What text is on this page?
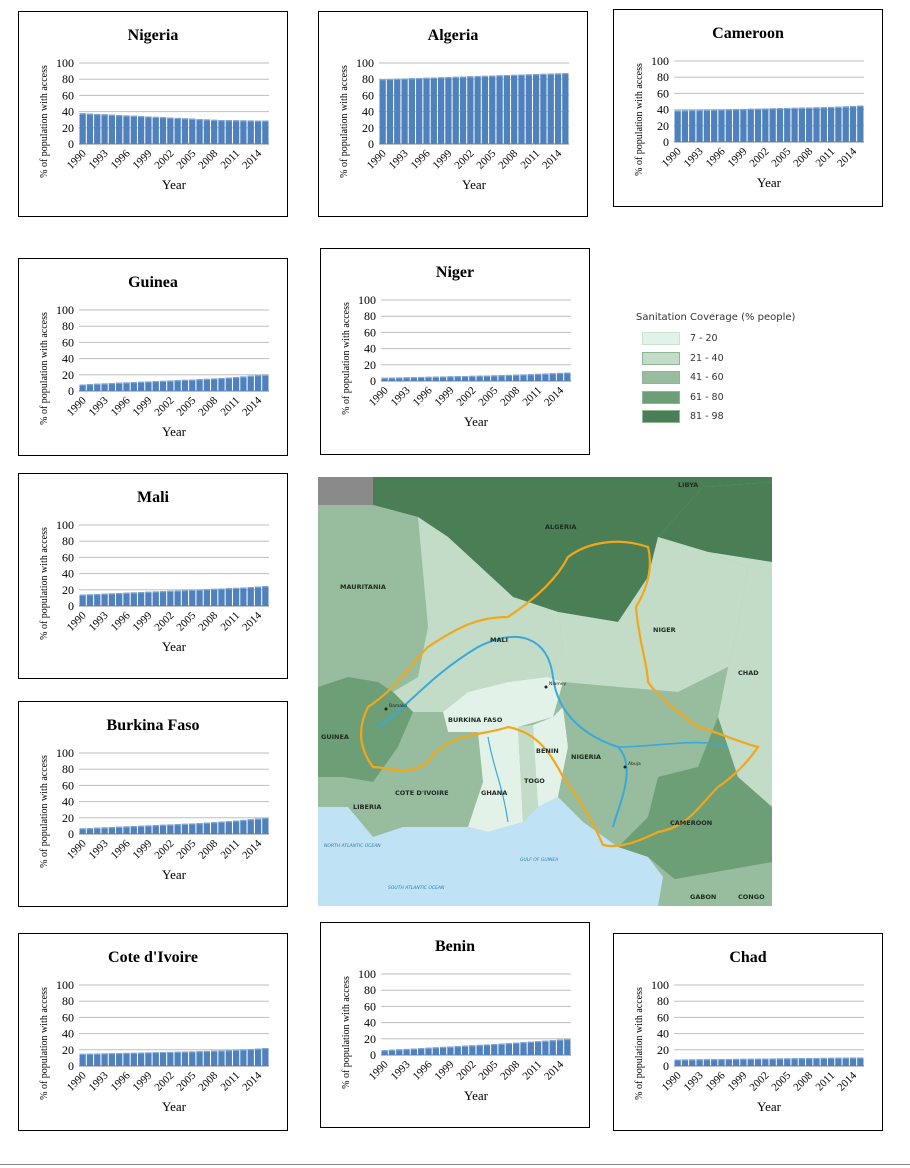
Nigeria
0
20
40
60
80
100
1990
1993
1996
1999
2002
2005
2008
2011
2014
Year
% of population with access
Algeria
0
20
40
60
80
100
1990
1993
1996
1999
2002
2005
2008
2011
2014
Year
% of population with access
Cameroon
0
20
40
60
80
100
1990
1993
1996
1999
2002
2005
2008
2011
2014
Year
% of population with access
Guinea
0
20
40
60
80
100
1990
1993
1996
1999
2002
2005
2008
2011
2014
Year
% of population with access
Niger
0
20
40
60
80
100
1990
1993
1996
1999
2002
2005
2008
2011
2014
Year
% of population with access
Mali
0
20
40
60
80
100
1990
1993
1996
1999
2002
2005
2008
2011
2014
Year
% of population with access
Burkina Faso
0
20
40
60
80
100
1990
1993
1996
1999
2002
2005
2008
2011
2014
Year
% of population with access
Cote d'Ivoire
0
20
40
60
80
100
1990
1993
1996
1999
2002
2005
2008
2011
2014
Year
% of population with access
Benin
0
20
40
60
80
100
1990
1993
1996
1999
2002
2005
2008
2011
2014
Year
% of population with access
Chad
0
20
40
60
80
100
1990
1993
1996
1999
2002
2005
2008
2011
2014
Year
% of population with access
Sanitation Coverage (% people)
7 - 20
21 - 40
41 - 60
61 - 80
81 - 98
ALGERIA
LIBYA
MAURITANIA
MALI
NIGER
CHAD
BURKINA FASO
GUINEA
BENIN
NIGERIA
TOGO
GHANA
COTE D'IVOIRE
LIBERIA
CAMEROON
GABON	CONGO
NORTH ATLANTIC OCEAN
SOUTH ATLANTIC OCEAN
GULF OF GUINEA
Niamey
Bamako
Abuja
